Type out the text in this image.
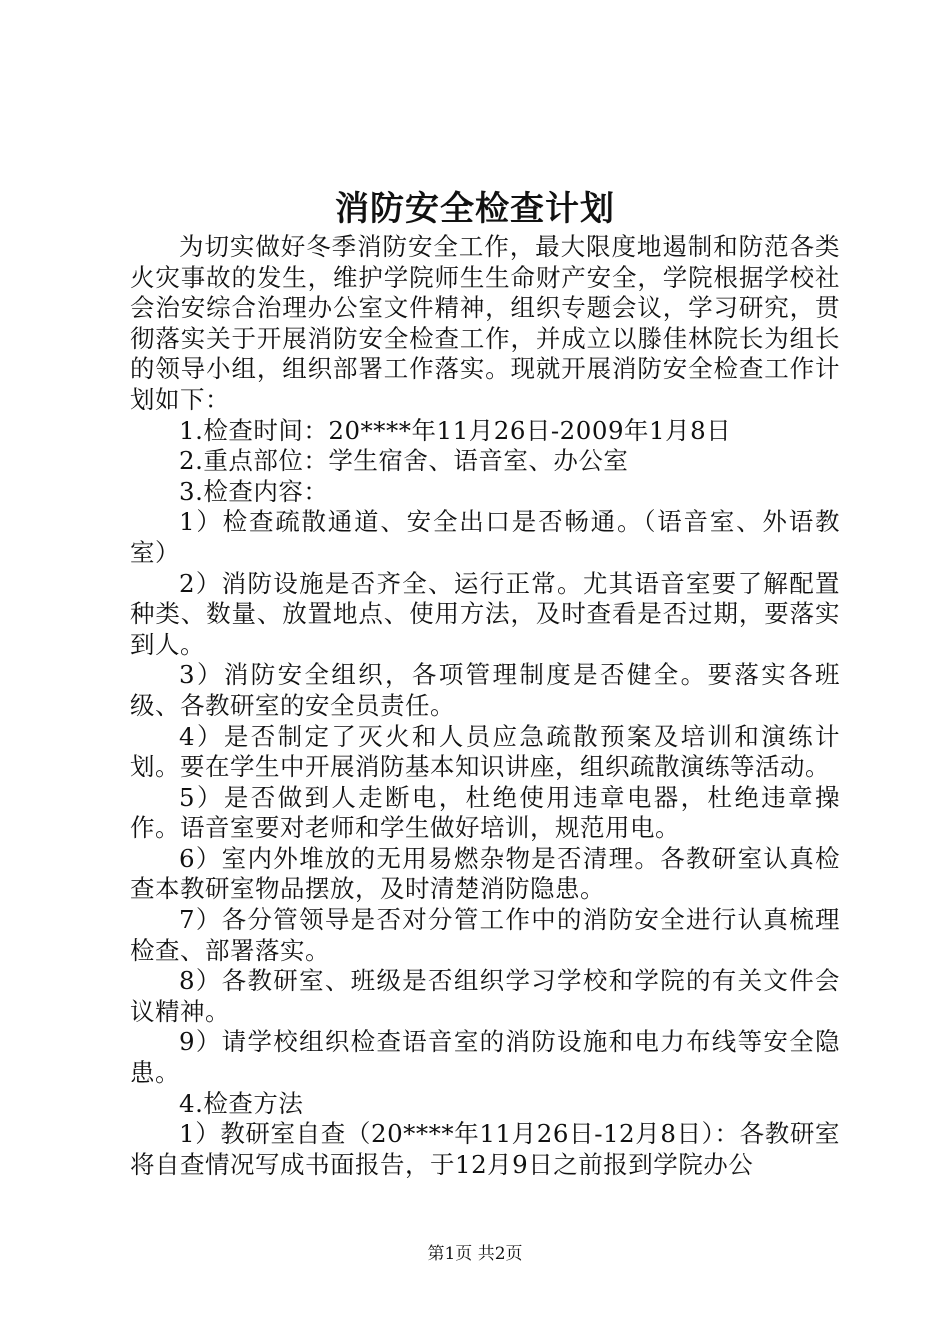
消防安全检查计划

为切实做好冬季消防安全工作，最大限度地遏制和防范各类火灾事故的发生，维护学院师生生命财产安全，学院根据学校社会治安综合治理办公室文件精神，组织专题会议，学习研究，贯彻落实关于开展消防安全检查工作，并成立以滕佳林院长为组长的领导小组，组织部署工作落实。现就开展消防安全检查工作计划如下：

1.检查时间：20****年11月26日-2009年1月8日

2.重点部位：学生宿舍、语音室、办公室

3.检查内容：

1）检查疏散通道、安全出口是否畅通。（语音室、外语教室）

2）消防设施是否齐全、运行正常。尤其语音室要了解配置种类、数量、放置地点、使用方法，及时查看是否过期，要落实到人。

3）消防安全组织，各项管理制度是否健全。要落实各班级、各教研室的安全员责任。

4）是否制定了灭火和人员应急疏散预案及培训和演练计划。要在学生中开展消防基本知识讲座，组织疏散演练等活动。

5）是否做到人走断电，杜绝使用违章电器，杜绝违章操作。语音室要对老师和学生做好培训，规范用电。

6）室内外堆放的无用易燃杂物是否清理。各教研室认真检查本教研室物品摆放，及时清楚消防隐患。

7）各分管领导是否对分管工作中的消防安全进行认真梳理检查、部署落实。

8）各教研室、班级是否组织学习学校和学院的有关文件会议精神。

9）请学校组织检查语音室的消防设施和电力布线等安全隐患。

4.检查方法

1）教研室自查（20****年11月26日-12月8日）：各教研室将自查情况写成书面报告，于12月9日之前报到学院办公

第1页 共2页
